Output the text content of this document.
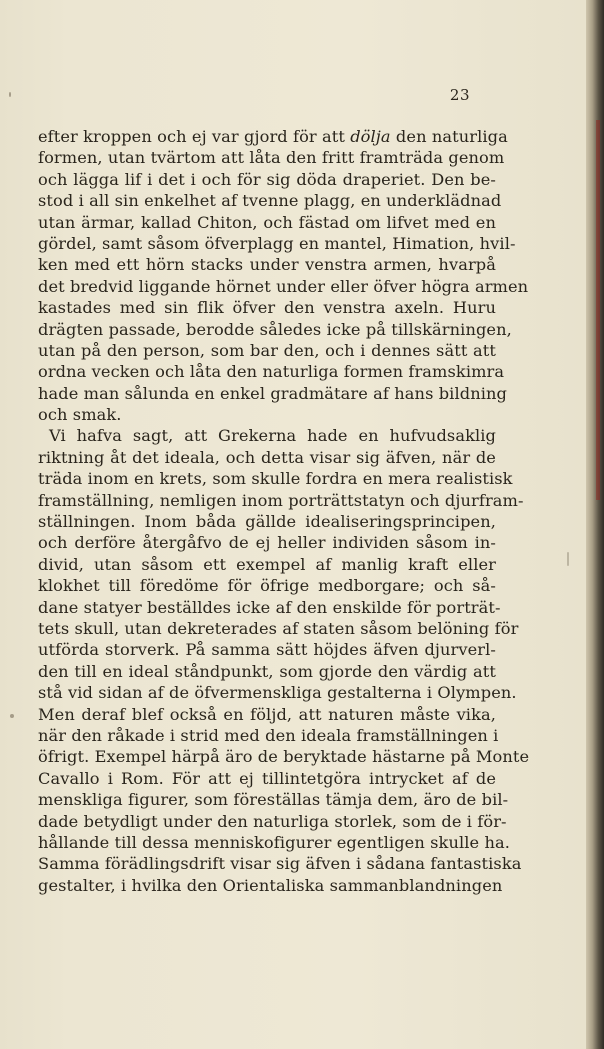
23
efter kroppen och ej var gjord för att dölja den naturliga
formen, utan tvärtom att låta den fritt framträda genom
och lägga lif i det i och för sig döda draperiet. Den be-
stod i all sin enkelhet af tvenne plagg, en underklädnad
utan ärmar, kallad Chiton, och fästad om lifvet med en
gördel, samt såsom öfverplagg en mantel, Himation, hvil-
ken med ett hörn stacks under venstra armen, hvarpå
det bredvid liggande hörnet under eller öfver högra armen
kastades med sin flik öfver den venstra axeln. Huru
drägten passade, berodde således icke på tillskärningen,
utan på den person, som bar den, och i dennes sätt att
ordna vecken och låta den naturliga formen framskimra
hade man sålunda en enkel gradmätare af hans bildning
och smak.
Vi hafva sagt, att Grekerna hade en hufvudsaklig
riktning åt det ideala, och detta visar sig äfven, när de
träda inom en krets, som skulle fordra en mera realistisk
framställning, nemligen inom porträttstatyn och djurfram-
ställningen. Inom båda gällde idealiseringsprincipen,
och derföre återgåfvo de ej heller individen såsom in-
divid, utan såsom ett exempel af manlig kraft eller
klokhet till föredöme för öfrige medborgare; och så-
dane statyer beställdes icke af den enskilde för porträt-
tets skull, utan dekreterades af staten såsom belöning för
utförda storverk. På samma sätt höjdes äfven djurverl-
den till en ideal ståndpunkt, som gjorde den värdig att
stå vid sidan af de öfvermenskliga gestalterna i Olympen.
Men deraf blef också en följd, att naturen måste vika,
när den råkade i strid med den ideala framställningen i
öfrigt. Exempel härpå äro de beryktade hästarne på Monte
Cavallo i Rom. För att ej tillintetgöra intrycket af de
menskliga figurer, som föreställas tämja dem, äro de bil-
dade betydligt under den naturliga storlek, som de i för-
hållande till dessa menniskofigurer egentligen skulle ha.
Samma förädlingsdrift visar sig äfven i sådana fantastiska
gestalter, i hvilka den Orientaliska sammanblandningen
